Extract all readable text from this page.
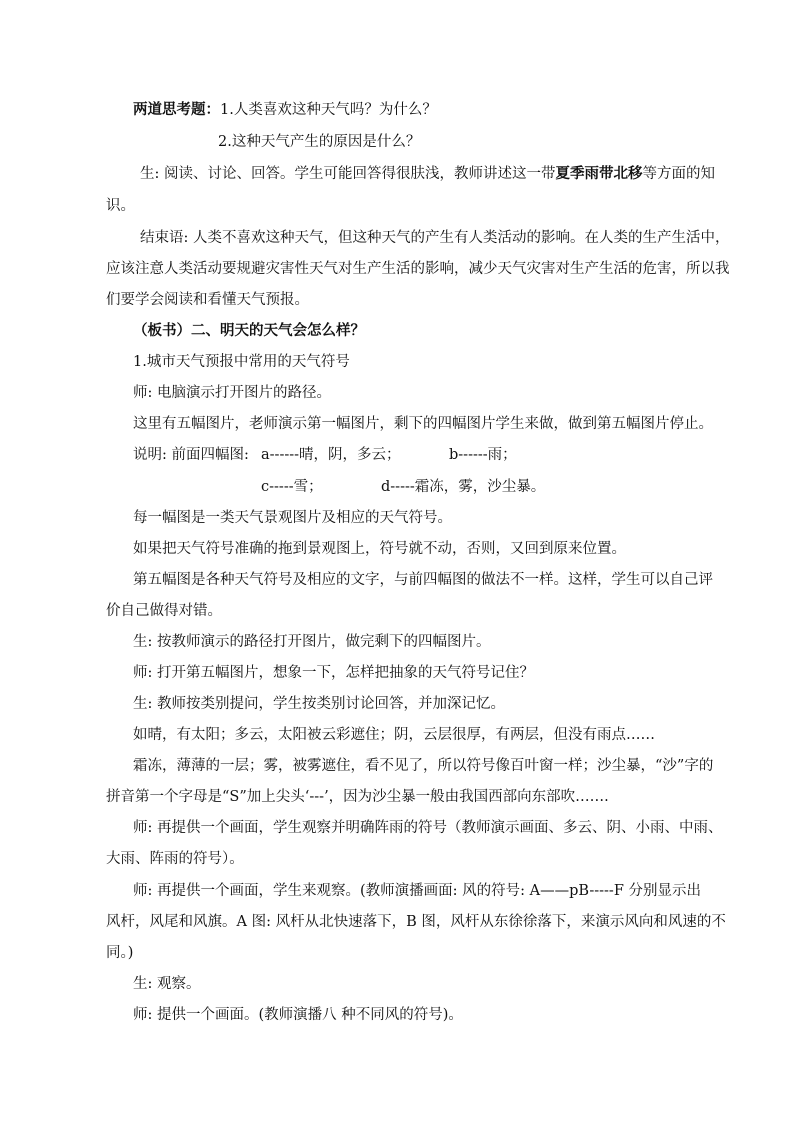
两道思考题：1.人类喜欢这种天气吗？为什么？
2.这种天气产生的原因是什么？
生: 阅读、讨论、回答。学生可能回答得很肤浅，教师讲述这一带夏季雨带北移等方面的知
识。
结束语: 人类不喜欢这种天气，但这种天气的产生有人类活动的影响。在人类的生产生活中，
应该注意人类活动要规避灾害性天气对生产生活的影响，减少天气灾害对生产生活的危害，所以我
们要学会阅读和看懂天气预报。
（板书）二、明天的天气会怎么样？
1.城市天气预报中常用的天气符号
师: 电脑演示打开图片的路径。
这里有五幅图片，老师演示第一幅图片，剩下的四幅图片学生来做，做到第五幅图片停止。
说明: 前面四幅图: a------晴，阴，多云；	b------雨；
c-----雪；	d-----霜冻，雾，沙尘暴。
每一幅图是一类天气景观图片及相应的天气符号。
如果把天气符号准确的拖到景观图上，符号就不动，否则，又回到原来位置。
第五幅图是各种天气符号及相应的文字，与前四幅图的做法不一样。这样，学生可以自己评
价自己做得对错。
生: 按教师演示的路径打开图片，做完剩下的四幅图片。
师: 打开第五幅图片，想象一下，怎样把抽象的天气符号记住？
生: 教师按类别提问，学生按类别讨论回答，并加深记忆。
如晴，有太阳；多云，太阳被云彩遮住；阴，云层很厚，有两层，但没有雨点……
霜冻，薄薄的一层；雾，被雾遮住，看不见了，所以符号像百叶窗一样；沙尘暴，“沙”字的
拼音第一个字母是“S”加上尖头‘---’，因为沙尘暴一般由我国西部向东部吹…….
师: 再提供一个画面，学生观察并明确阵雨的符号（教师演示画面、多云、阴、小雨、中雨、
大雨、阵雨的符号）。
师: 再提供一个画面，学生来观察。(教师演播画面: 风的符号: A——pB-----F 分别显示出
风杆，风尾和风旗。A 图: 风杆从北快速落下，B 图，风杆从东徐徐落下，来演示风向和风速的不
同。)
生: 观察。
师: 提供一个画面。(教师演播八 种不同风的符号)。
